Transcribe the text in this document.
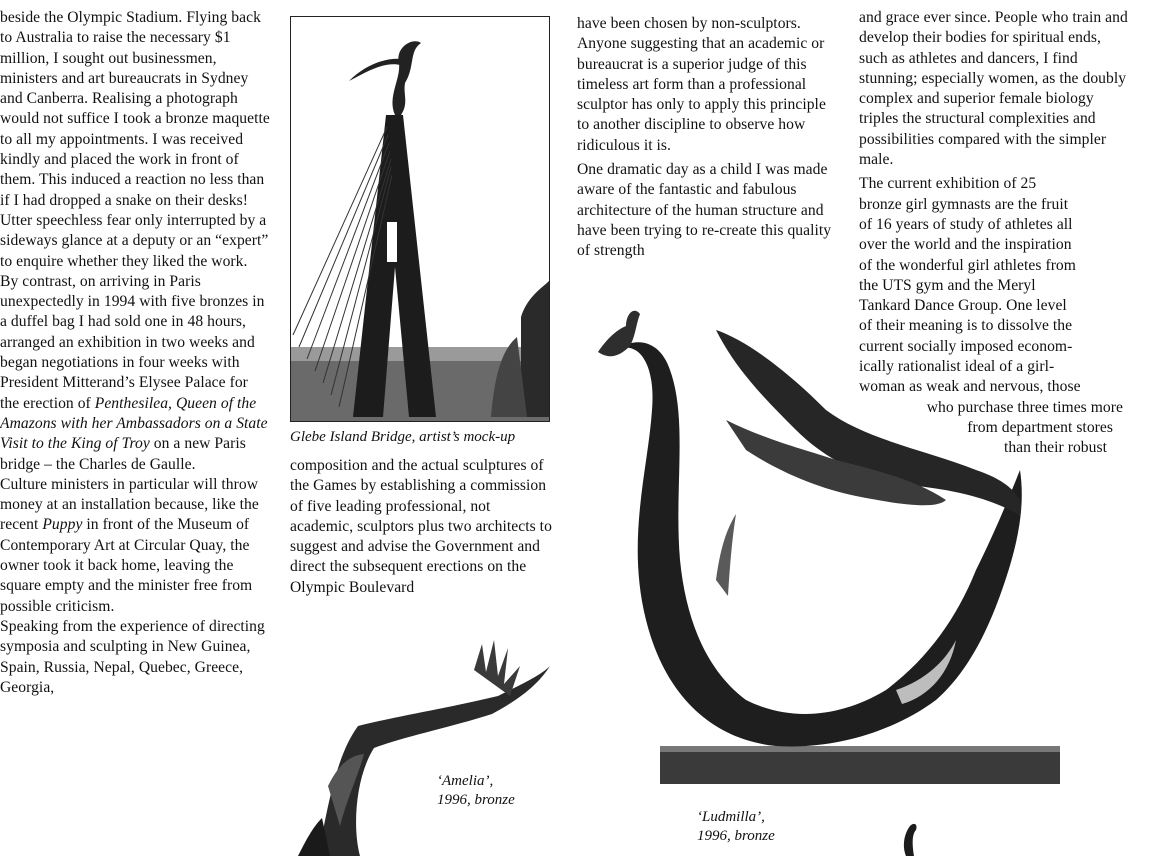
beside the Olympic Stadium. Flying back to Australia to raise the necessary $1 million, I sought out businessmen, ministers and art bureaucrats in Sydney and Canberra. Realising a photograph would not suffice I took a bronze maquette to all my appointments. I was received kindly and placed the work in front of them. This induced a reaction no less than if I had dropped a snake on their desks! Utter speechless fear only interrupted by a sideways glance at a deputy or an “expert” to enquire whether they liked the work.

By contrast, on arriving in Paris unexpectedly in 1994 with five bronzes in a duffel bag I had sold one in 48 hours, arranged an exhibition in two weeks and began negotiations in four weeks with President Mitterand’s Elysee Palace for the erection of Penthesilea, Queen of the Amazons with her Ambassadors on a State Visit to the King of Troy on a new Paris bridge – the Charles de Gaulle.

Culture ministers in particular will throw money at an installation because, like the recent Puppy in front of the Museum of Contemporary Art at Circular Quay, the owner took it back home, leaving the square empty and the minister free from possible criticism.

Speaking from the experience of directing symposia and sculpting in New Guinea, Spain, Russia, Nepal, Quebec, Greece, Georgia,

Glebe Island Bridge, artist’s mock-up

composition and the actual sculptures of the Games by establishing a commission of five leading professional, not academic, sculptors plus two architects to suggest and advise the Government and direct the subsequent erections on the Olympic Boulevard

‘Amelia’,
1996, bronze

have been chosen by non-sculptors. Anyone suggesting that an academic or bureaucrat is a superior judge of this timeless art form than a professional sculptor has only to apply this principle to another discipline to observe how ridiculous it is.

One dramatic day as a child I was made aware of the fantastic and fabulous architecture of the human structure and have been trying to re-create this quality of strength

‘Ludmilla’,
1996, bronze

and grace ever since. People who train and develop their bodies for spiritual ends, such as athletes and dancers, I find stunning; especially women, as the doubly complex and superior female biology triples the structural complexities and possibilities compared with the simpler male.

The current exhibition of 25
bronze girl gymnasts are the fruit
of 16 years of study of athletes all
over the world and the inspiration
of the wonderful girl athletes from
the UTS gym and the Meryl
Tankard Dance Group. One level
of their meaning is to dissolve the
current socially imposed econom-
ically rationalist ideal of a girl-
woman as weak and nervous, those
who purchase three times more
from department stores
than their robust
